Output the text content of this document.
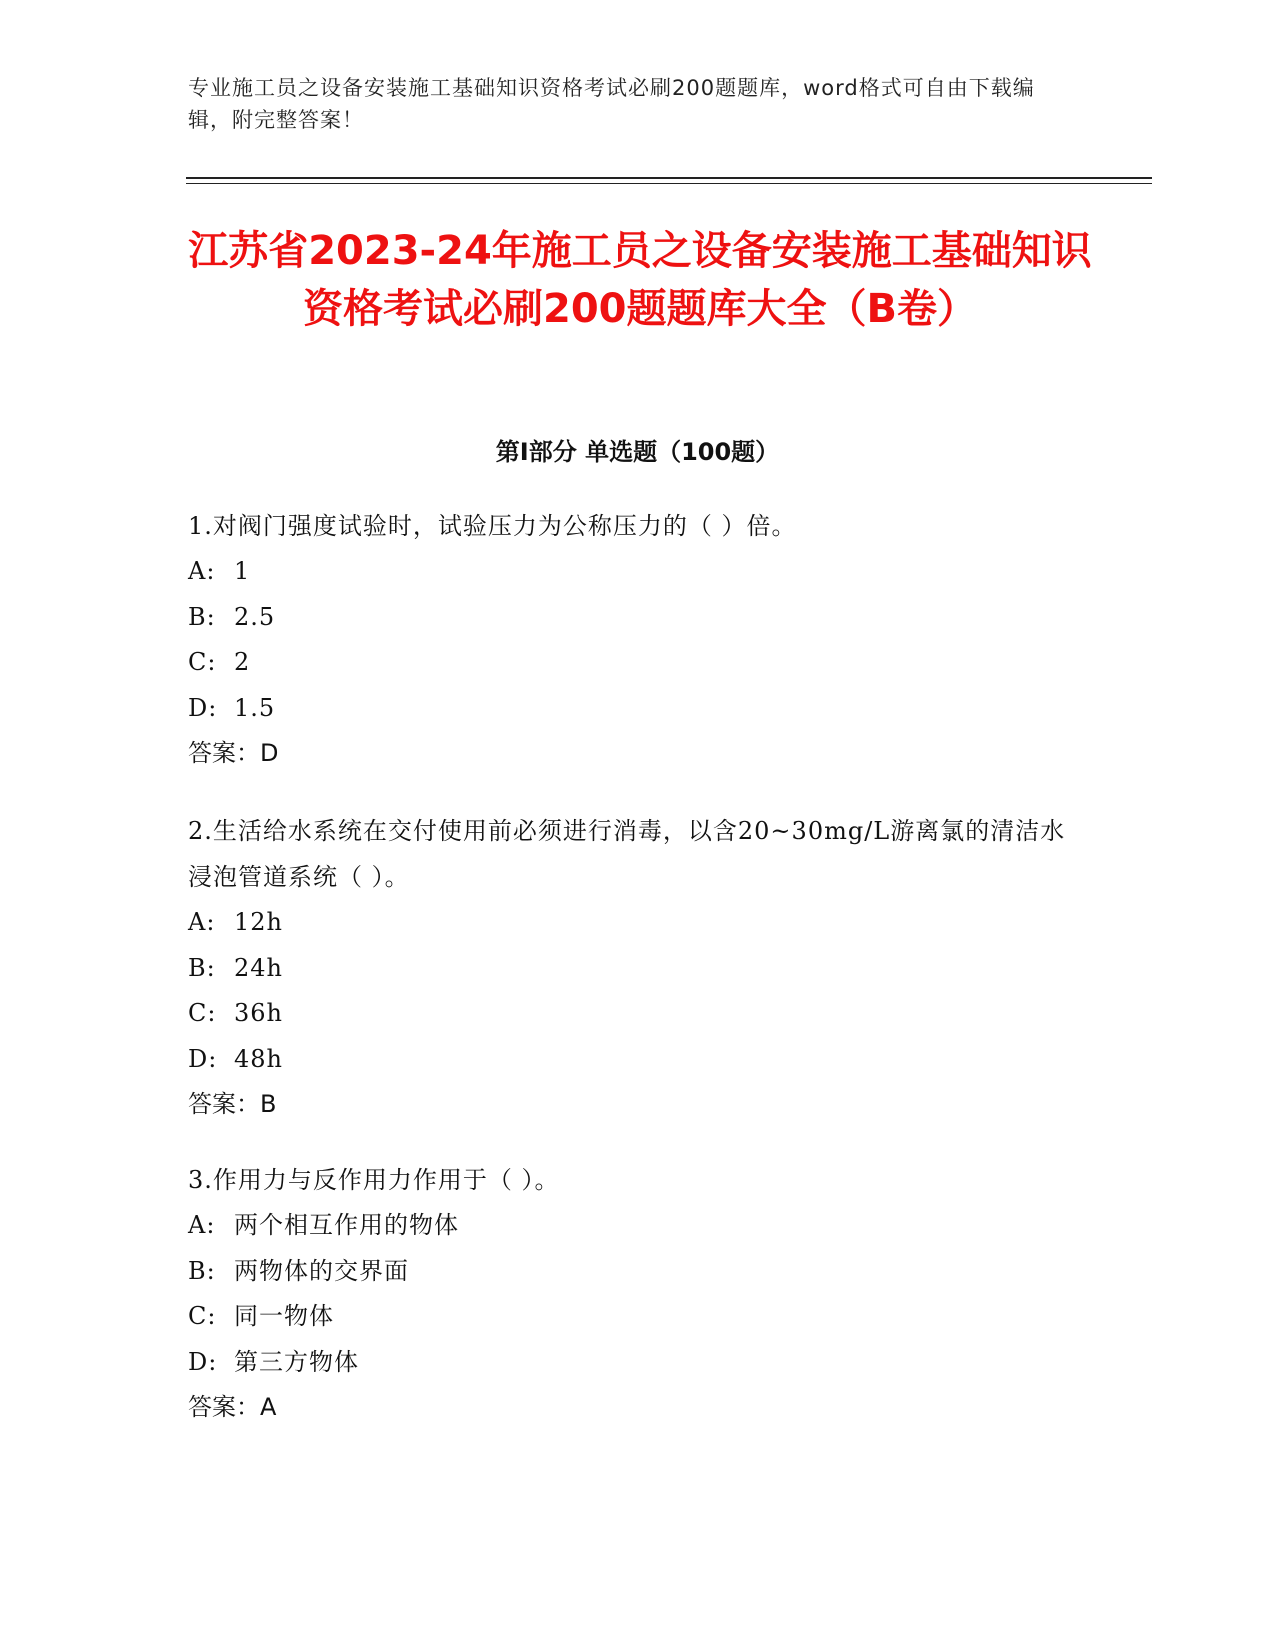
专业施工员之设备安装施工基础知识资格考试必刷200题题库，word格式可自由下载编辑，附完整答案！
江苏省2023-24年施工员之设备安装施工基础知识资格考试必刷200题题库大全（B卷）
第Ⅰ部分 单选题（100题）
1.对阀门强度试验时，试验压力为公称压力的（ ）倍。
A: 1
B: 2.5
C: 2
D: 1.5
答案：D
2.生活给水系统在交付使用前必须进行消毒，以含20~30mg/L游离氯的清洁水浸泡管道系统（ ）。
A: 12h
B: 24h
C: 36h
D: 48h
答案：B
3.作用力与反作用力作用于（ ）。
A: 两个相互作用的物体
B: 两物体的交界面
C: 同一物体
D: 第三方物体
答案：A
